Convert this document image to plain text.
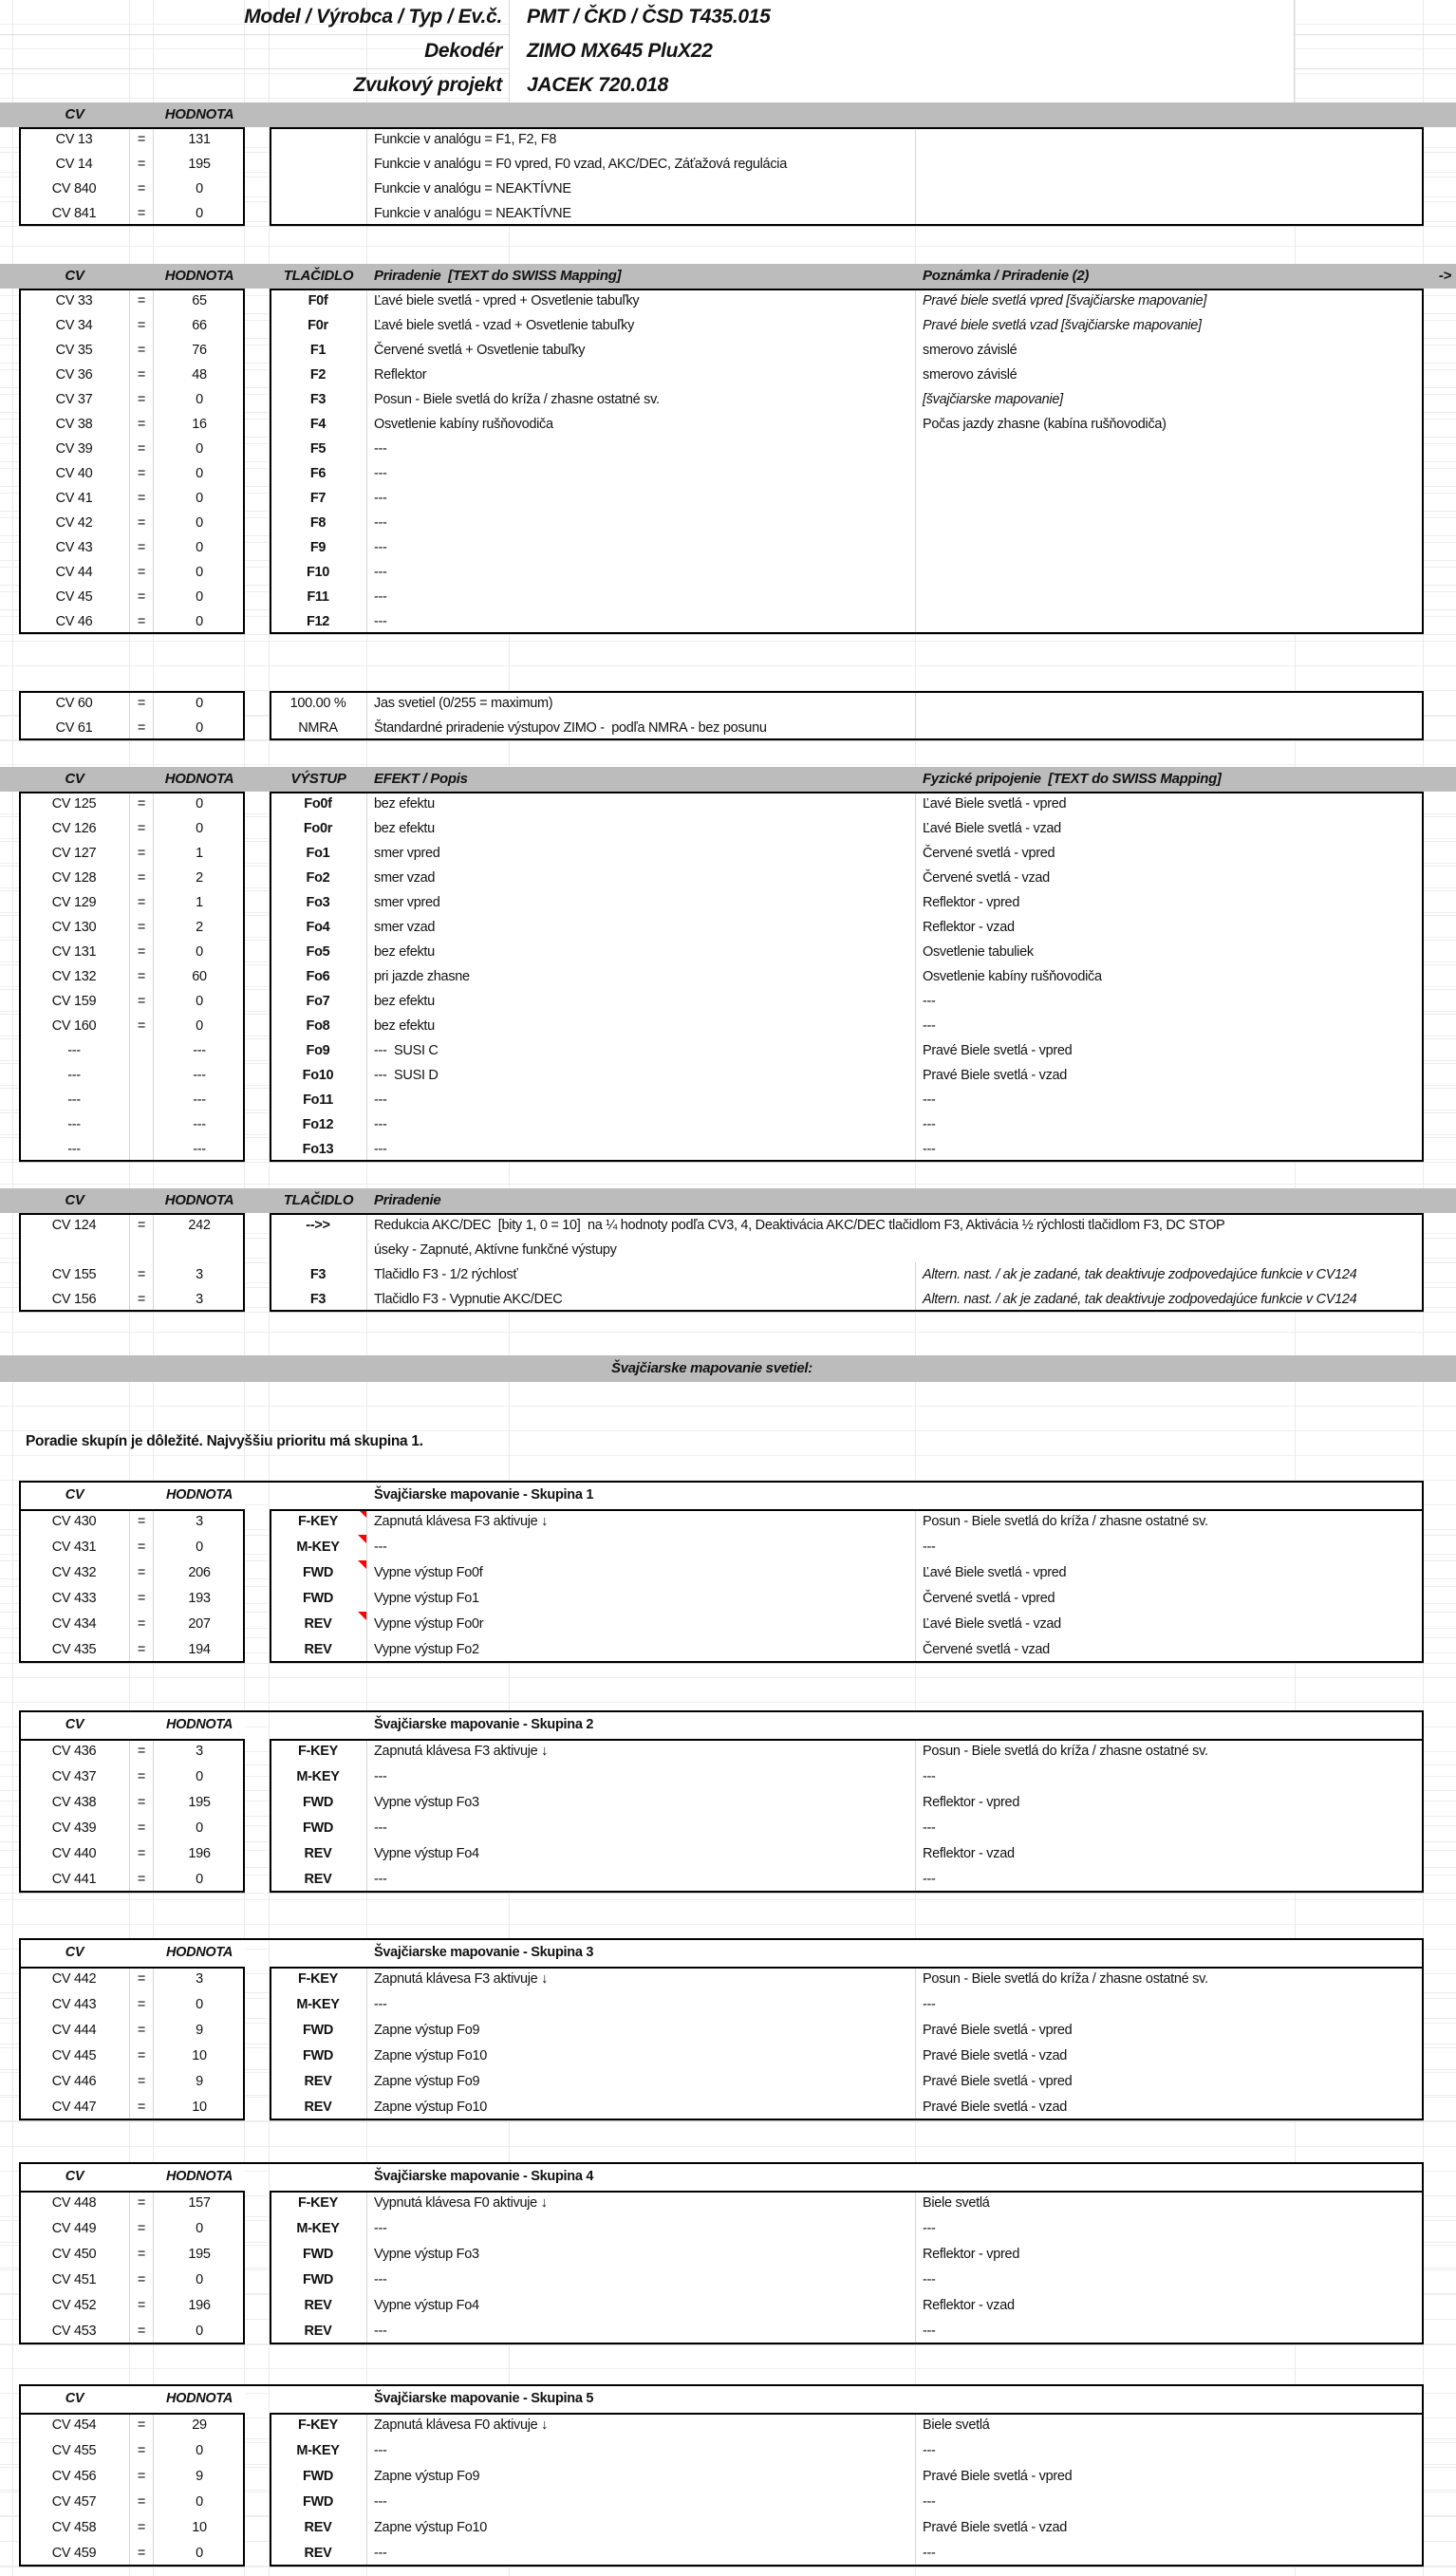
Model / Výrobca / Typ / Ev.č.	PMT / ČKD / ČSD T435.015
Dekodér	ZIMO MX645 PluX22
Zvukový projekt	JACEK 720.018
CV	HODNOTA
CV 13	=	131	Funkcie v analógu = F1, F2, F8
CV 14	=	195	Funkcie v analógu = F0 vpred, F0 vzad, AKC/DEC, Záťažová regulácia
CV 840	=	0	Funkcie v analógu = NEAKTÍVNE
CV 841	=	0	Funkcie v analógu = NEAKTÍVNE
CV	HODNOTA	TLAČIDLO	Priradenie  [TEXT do SWISS Mapping]	Poznámka / Priradenie (2)	->
CV 33	=	65	F0f	Ľavé biele svetlá - vpred + Osvetlenie tabuľky	Pravé biele svetlá vpred [švajčiarske mapovanie]
CV 34	=	66	F0r	Ľavé biele svetlá - vzad + Osvetlenie tabuľky	Pravé biele svetlá vzad [švajčiarske mapovanie]
CV 35	=	76	F1	Červené svetlá + Osvetlenie tabuľky	smerovo závislé
CV 36	=	48	F2	Reflektor	smerovo závislé
CV 37	=	0	F3	Posun - Biele svetlá do kríža / zhasne ostatné sv.	[švajčiarske mapovanie]
CV 38	=	16	F4	Osvetlenie kabíny rušňovodiča	Počas jazdy zhasne (kabína rušňovodiča)
CV 39	=	0	F5	---
CV 40	=	0	F6	---
CV 41	=	0	F7	---
CV 42	=	0	F8	---
CV 43	=	0	F9	---
CV 44	=	0	F10	---
CV 45	=	0	F11	---
CV 46	=	0	F12	---
CV 60	=	0	100.00 %	Jas svetiel (0/255 = maximum)
CV 61	=	0	NMRA	Štandardné priradenie výstupov ZIMO -  podľa NMRA - bez posunu
CV	HODNOTA	VÝSTUP	EFEKT / Popis	Fyzické pripojenie  [TEXT do SWISS Mapping]
CV 125	=	0	Fo0f	bez efektu	Ľavé Biele svetlá - vpred
CV 126	=	0	Fo0r	bez efektu	Ľavé Biele svetlá - vzad
CV 127	=	1	Fo1	smer vpred	Červené svetlá - vpred
CV 128	=	2	Fo2	smer vzad	Červené svetlá - vzad
CV 129	=	1	Fo3	smer vpred	Reflektor - vpred
CV 130	=	2	Fo4	smer vzad	Reflektor - vzad
CV 131	=	0	Fo5	bez efektu	Osvetlenie tabuliek
CV 132	=	60	Fo6	pri jazde zhasne	Osvetlenie kabíny rušňovodiča
CV 159	=	0	Fo7	bez efektu	---
CV 160	=	0	Fo8	bez efektu	---
---	---	Fo9	---  SUSI C	Pravé Biele svetlá - vpred
---	---	Fo10	---  SUSI D	Pravé Biele svetlá - vzad
---	---	Fo11	---	---
---	---	Fo12	---	---
---	---	Fo13	---	---
CV	HODNOTA	TLAČIDLO	Priradenie
CV 124	=	242	-->>	Redukcia AKC/DEC  [bity 1, 0 = 10]  na ¼ hodnoty podľa CV3, 4, Deaktivácia AKC/DEC tlačidlom F3, Aktivácia ½ rýchlosti tlačidlom F3, DC STOP
úseky - Zapnuté, Aktívne funkčné výstupy
CV 155	=	3	F3	Tlačidlo F3 - 1/2 rýchlosť	Altern. nast. / ak je zadané, tak deaktivuje zodpovedajúce funkcie v CV124
CV 156	=	3	F3	Tlačidlo F3 - Vypnutie AKC/DEC	Altern. nast. / ak je zadané, tak deaktivuje zodpovedajúce funkcie v CV124
Švajčiarske mapovanie svetiel:
Poradie skupín je dôležité. Najvyššiu prioritu má skupina 1.
CV	HODNOTA	Švajčiarske mapovanie - Skupina 1
CV 430	=	3	F-KEY	Zapnutá klávesa F3 aktivuje ↓	Posun - Biele svetlá do kríža / zhasne ostatné sv.
CV 431	=	0	M-KEY	---	---
CV 432	=	206	FWD	Vypne výstup Fo0f	Ľavé Biele svetlá - vpred
CV 433	=	193	FWD	Vypne výstup Fo1	Červené svetlá - vpred
CV 434	=	207	REV	Vypne výstup Fo0r	Ľavé Biele svetlá - vzad
CV 435	=	194	REV	Vypne výstup Fo2	Červené svetlá - vzad
CV	HODNOTA	Švajčiarske mapovanie - Skupina 2
CV 436	=	3	F-KEY	Zapnutá klávesa F3 aktivuje ↓	Posun - Biele svetlá do kríža / zhasne ostatné sv.
CV 437	=	0	M-KEY	---	---
CV 438	=	195	FWD	Vypne výstup Fo3	Reflektor - vpred
CV 439	=	0	FWD	---	---
CV 440	=	196	REV	Vypne výstup Fo4	Reflektor - vzad
CV 441	=	0	REV	---	---
CV	HODNOTA	Švajčiarske mapovanie - Skupina 3
CV 442	=	3	F-KEY	Zapnutá klávesa F3 aktivuje ↓	Posun - Biele svetlá do kríža / zhasne ostatné sv.
CV 443	=	0	M-KEY	---	---
CV 444	=	9	FWD	Zapne výstup Fo9	Pravé Biele svetlá - vpred
CV 445	=	10	FWD	Zapne výstup Fo10	Pravé Biele svetlá - vzad
CV 446	=	9	REV	Zapne výstup Fo9	Pravé Biele svetlá - vpred
CV 447	=	10	REV	Zapne výstup Fo10	Pravé Biele svetlá - vzad
CV	HODNOTA	Švajčiarske mapovanie - Skupina 4
CV 448	=	157	F-KEY	Vypnutá klávesa F0 aktivuje ↓	Biele svetlá
CV 449	=	0	M-KEY	---	---
CV 450	=	195	FWD	Vypne výstup Fo3	Reflektor - vpred
CV 451	=	0	FWD	---	---
CV 452	=	196	REV	Vypne výstup Fo4	Reflektor - vzad
CV 453	=	0	REV	---	---
CV	HODNOTA	Švajčiarske mapovanie - Skupina 5
CV 454	=	29	F-KEY	Zapnutá klávesa F0 aktivuje ↓	Biele svetlá
CV 455	=	0	M-KEY	---	---
CV 456	=	9	FWD	Zapne výstup Fo9	Pravé Biele svetlá - vpred
CV 457	=	0	FWD	---	---
CV 458	=	10	REV	Zapne výstup Fo10	Pravé Biele svetlá - vzad
CV 459	=	0	REV	---	---
